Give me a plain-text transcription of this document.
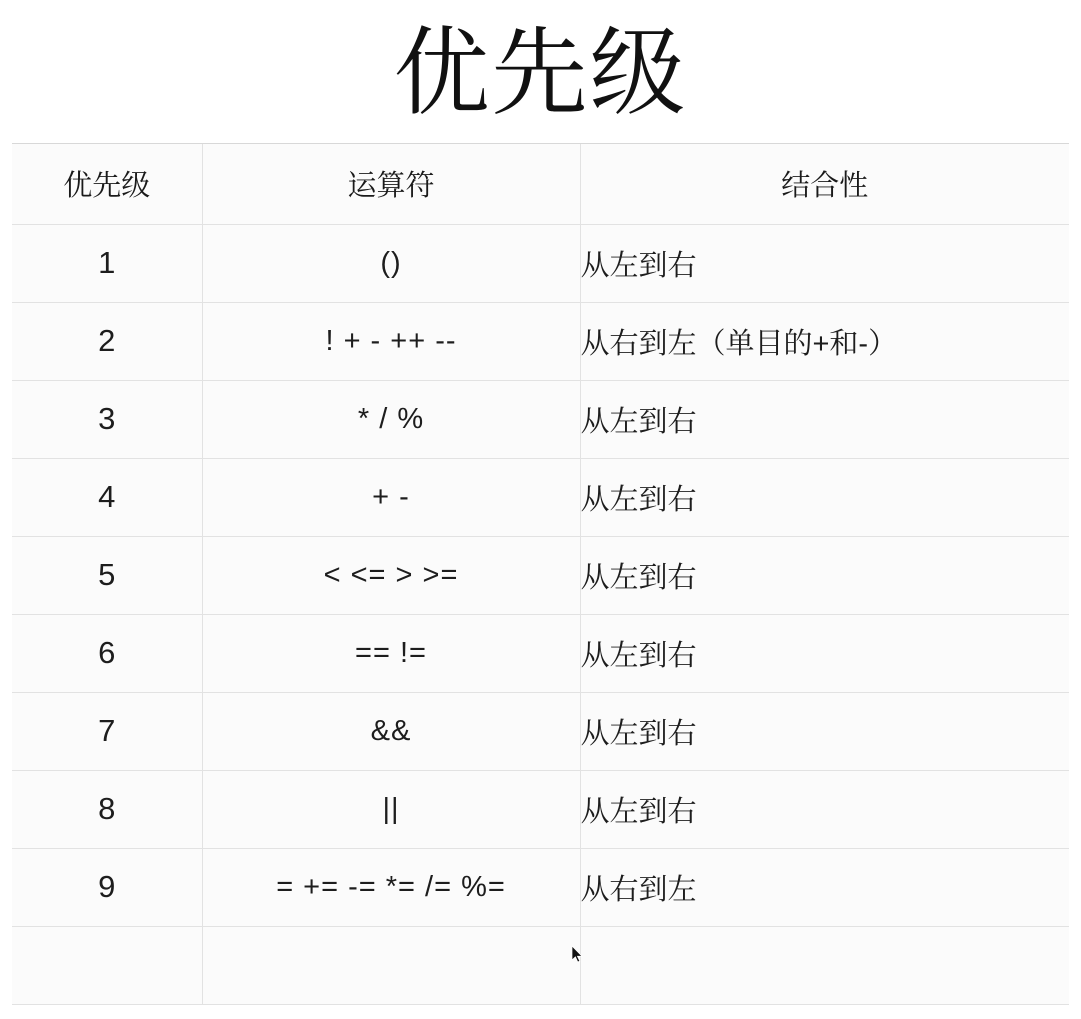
优先级
优先级	运算符	结合性
1	()	从左到右
2	! + - ++ --	从右到左（单目的+和-）
3	* / %	从左到右
4	+ -	从左到右
5	< <= > >=	从左到右
6	== !=	从左到右
7	&&	从左到右
8	||	从左到右
9	= += -= *= /= %=	从右到左
